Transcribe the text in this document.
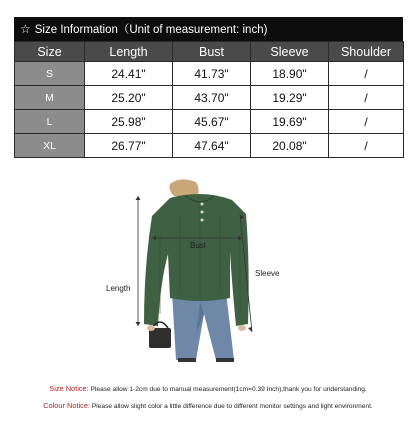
☆ Size Information（Unit of measurement: inch)
Size	Length	Bust	Sleeve	Shoulder
S	24.41"	41.73"	18.90"	/
M	25.20"	43.70"	19.29"	/
L	25.98"	45.67"	19.69"	/
XL	26.77"	47.64"	20.08"	/
Bust
Length
Sleeve
Size Notice: Please allow 1-2cm due to manual measurement(1cm=0.39 Inch),thank you for understanding.
Colour Notice: Please allow slight color a little difference due to different monitor settings and light environment.
